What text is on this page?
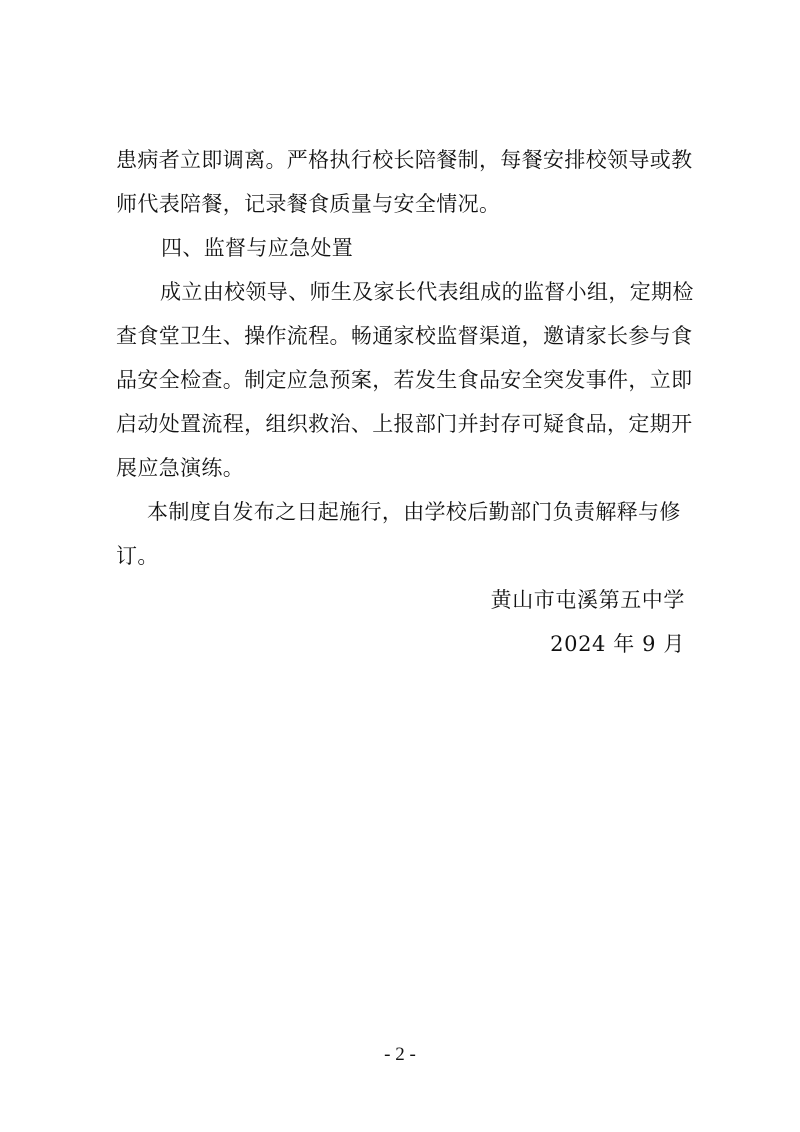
患病者立即调离。严格执行校长陪餐制，每餐安排校领导或教
师代表陪餐，记录餐食质量与安全情况。
四、监督与应急处置
成立由校领导、师生及家长代表组成的监督小组，定期检
查食堂卫生、操作流程。畅通家校监督渠道，邀请家长参与食
品安全检查。制定应急预案，若发生食品安全突发事件，立即
启动处置流程，组织救治、上报部门并封存可疑食品，定期开
展应急演练。
本制度自发布之日起施行，由学校后勤部门负责解释与修
订。
黄山市屯溪第五中学
2024 年 9 月
- 2 -
